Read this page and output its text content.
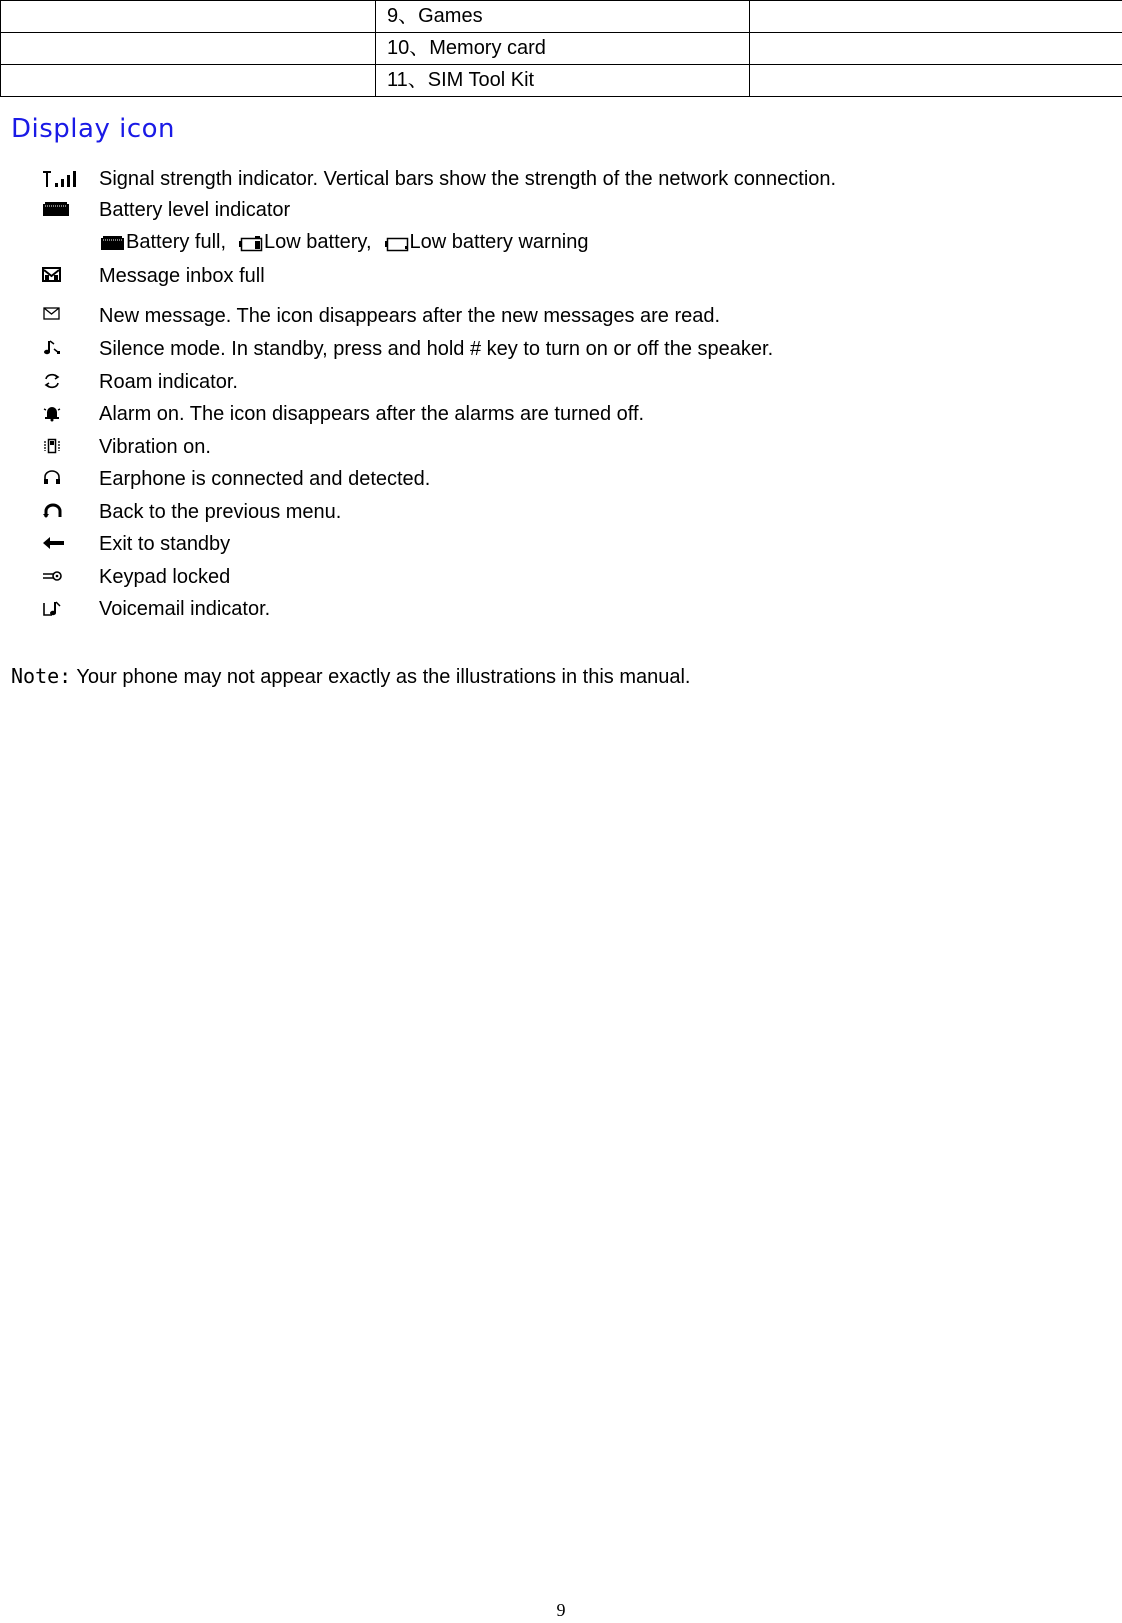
	9、Games	
	10、Memory card	
	11、SIM Tool Kit	
Display icon
Signal strength indicator. Vertical bars show the strength of the network connection.
Battery level indicator
Battery full, Low battery, Low battery warning
Message inbox full
New message. The icon disappears after the new messages are read.
Silence mode. In standby, press and hold # key to turn on or off the speaker.
Roam indicator.
Alarm on. The icon disappears after the alarms are turned off.
Vibration on.
Earphone is connected and detected.
Back to the previous menu.
Exit to standby
Keypad locked
Voicemail indicator.
Note: Your phone may not appear exactly as the illustrations in this manual.
9
